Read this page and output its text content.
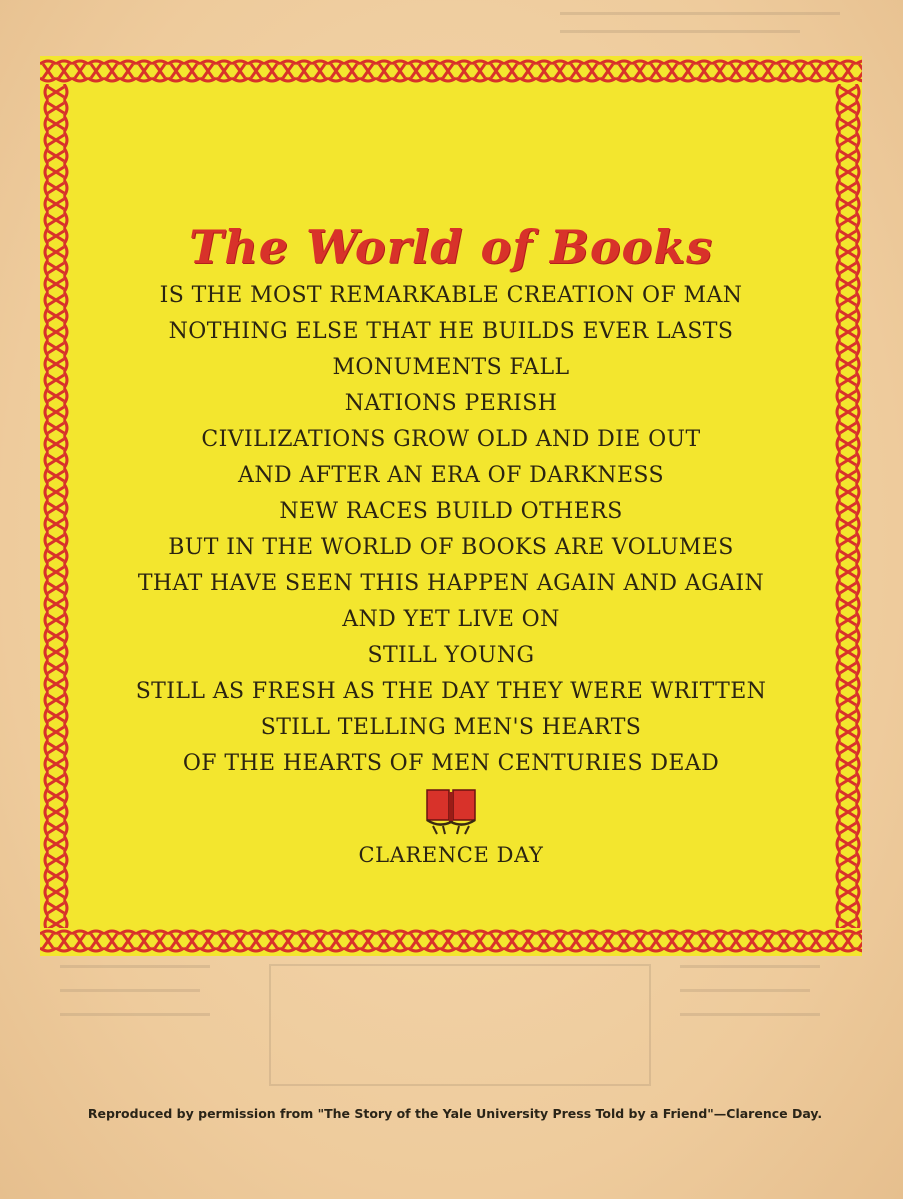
The World of Books
IS THE MOST REMARKABLE CREATION OF MAN
NOTHING ELSE THAT HE BUILDS EVER LASTS
MONUMENTS FALL
NATIONS PERISH
CIVILIZATIONS GROW OLD AND DIE OUT
AND AFTER AN ERA OF DARKNESS
NEW RACES BUILD OTHERS
BUT IN THE WORLD OF BOOKS ARE VOLUMES
THAT HAVE SEEN THIS HAPPEN AGAIN AND AGAIN
AND YET LIVE ON
STILL YOUNG
STILL AS FRESH AS THE DAY THEY WERE WRITTEN
STILL TELLING MEN'S HEARTS
OF THE HEARTS OF MEN CENTURIES DEAD
CLARENCE DAY
Reproduced by permission from "The Story of the Yale University Press Told by a Friend"—Clarence Day.
